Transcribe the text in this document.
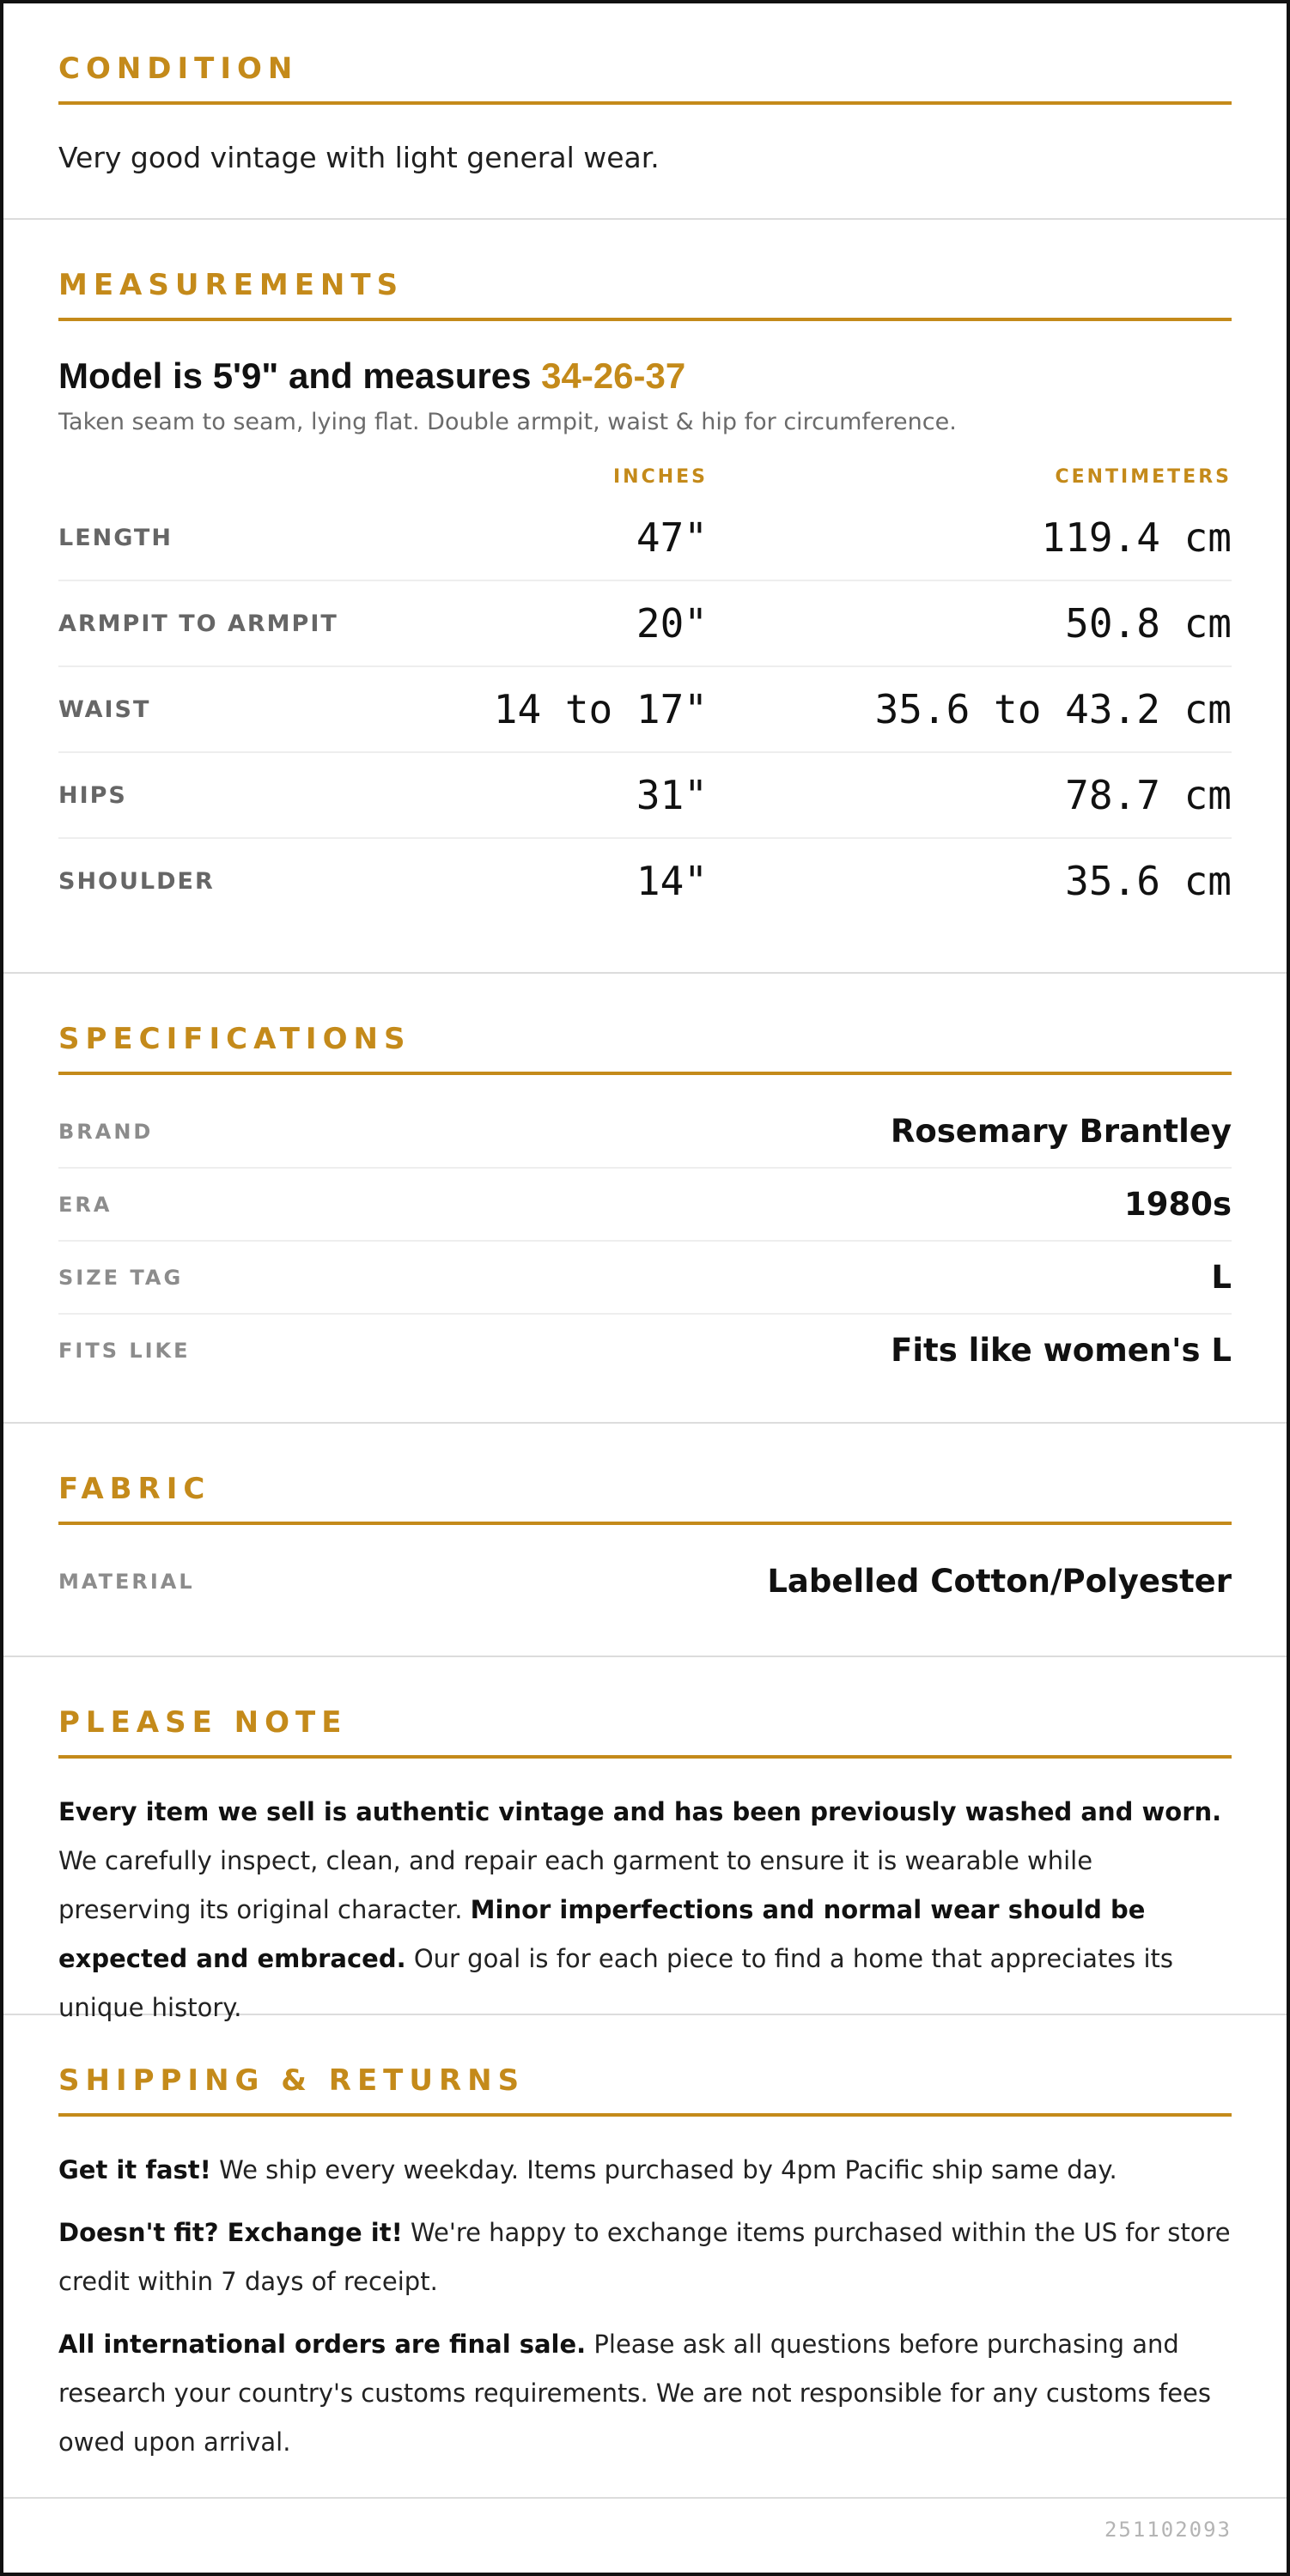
CONDITION
Very good vintage with light general wear.
MEASUREMENTS
Model is 5'9" and measures 34-26-37
Taken seam to seam, lying flat. Double armpit, waist & hip for circumference.
INCHES	CENTIMETERS
LENGTH	47"	119.4 cm
ARMPIT TO ARMPIT	20"	50.8 cm
WAIST	14 to 17"	35.6 to 43.2 cm
HIPS	31"	78.7 cm
SHOULDER	14"	35.6 cm
SPECIFICATIONS
BRAND	Rosemary Brantley
ERA	1980s
SIZE TAG	L
FITS LIKE	Fits like women's L
FABRIC
MATERIAL	Labelled Cotton/Polyester
PLEASE NOTE

Every item we sell is authentic vintage and has been previously washed and worn. We carefully inspect, clean, and repair each garment to ensure it is wearable while preserving its original character. Minor imperfections and normal wear should be expected and embraced. Our goal is for each piece to find a home that appreciates its unique history.

SHIPPING & RETURNS

Get it fast! We ship every weekday. Items purchased by 4pm Pacific ship same day.

Doesn't fit? Exchange it! We're happy to exchange items purchased within the US for store credit within 7 days of receipt.

All international orders are final sale. Please ask all questions before purchasing and research your country's customs requirements. We are not responsible for any customs fees owed upon arrival.

251102093
